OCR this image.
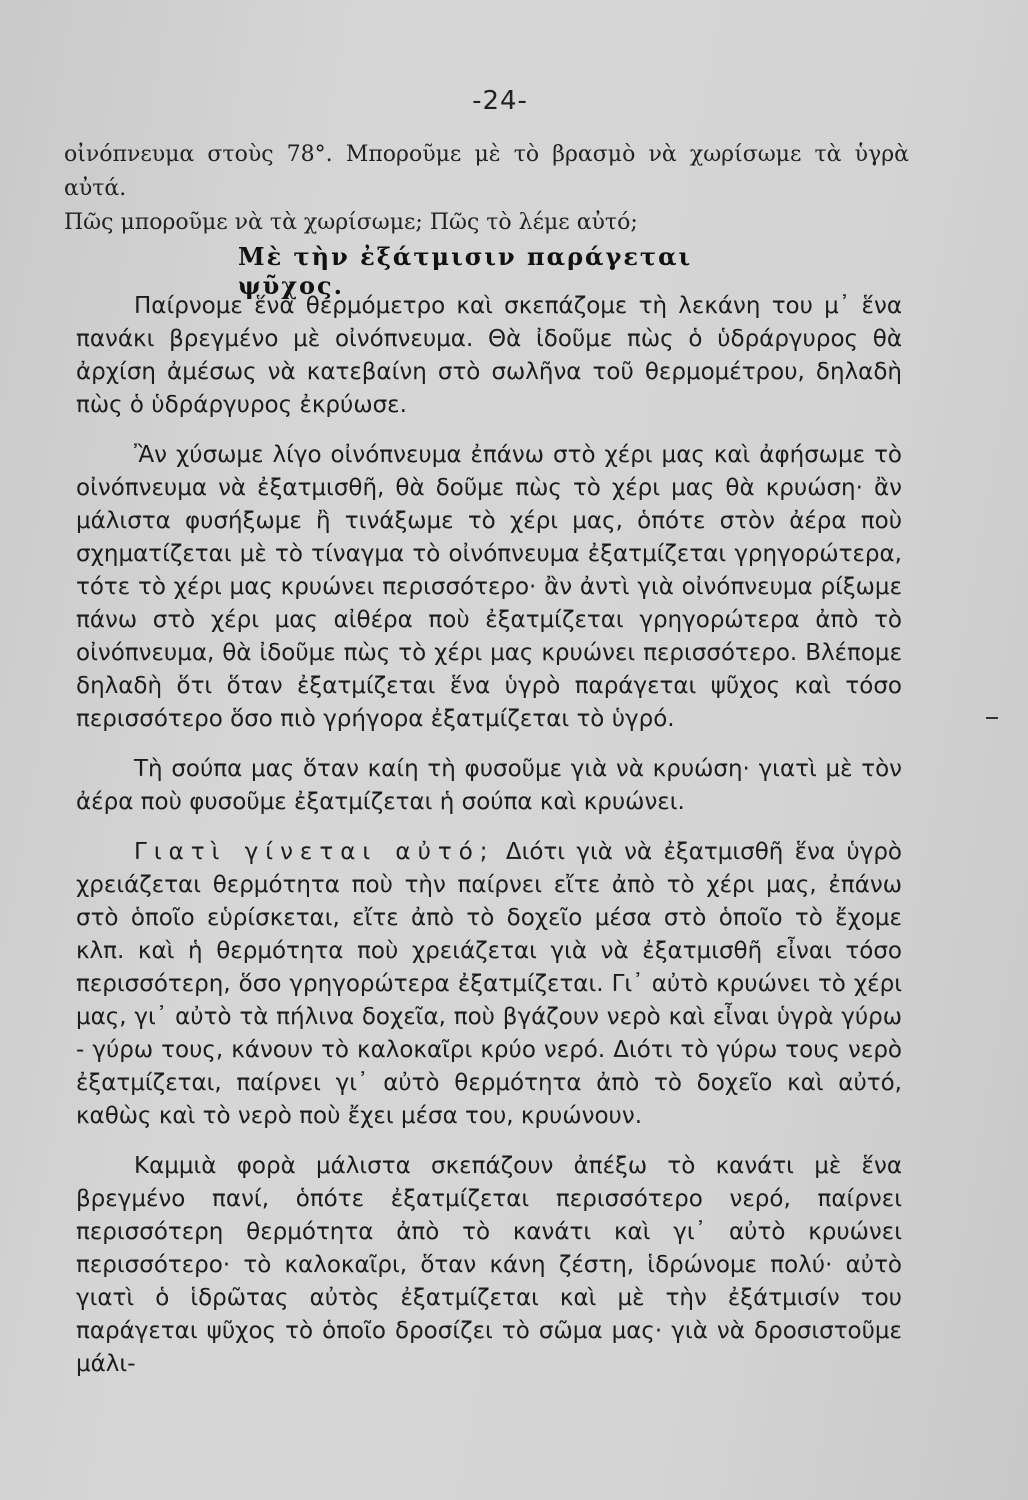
-24-

οἰνόπνευμα στοὺς 78°. Μποροῦμε μὲ τὸ βρασμὸ νὰ χωρίσωμε τὰ ὑγρὰ αὐτά.

Πῶς μποροῦμε νὰ τὰ χωρίσωμε; Πῶς τὸ λέμε αὐτό;

Μὲ τὴν ἐξάτμισιν παράγεται ψῦχος.

Παίρνομε ἕνα θερμόμετρο καὶ σκεπάζομε τὴ λεκάνη του μ᾽ ἕνα πανάκι βρεγμένο μὲ οἰνόπνευμα. Θὰ ἰδοῦμε πὼς ὁ ὑδράργυρος θὰ ἀρχίση ἀμέσως νὰ κατεβαίνη στὸ σωλῆνα τοῦ θερμομέτρου, δηλαδὴ πὼς ὁ ὑδράργυρος ἐκρύωσε.

Ἂν χύσωμε λίγο οἰνόπνευμα ἐπάνω στὸ χέρι μας καὶ ἀφήσωμε τὸ οἰνόπνευμα νὰ ἐξατμισθῆ, θὰ δοῦμε πὼς τὸ χέρι μας θὰ κρυώση· ἂν μάλιστα φυσήξωμε ἢ τινάξωμε τὸ χέρι μας, ὁπότε στὸν ἀέρα ποὺ σχηματίζεται μὲ τὸ τίναγμα τὸ οἰνόπνευμα ἐξατμίζεται γρηγορώτερα, τότε τὸ χέρι μας κρυώνει περισσότερο· ἂν ἀντὶ γιὰ οἰνόπνευμα ρίξωμε πάνω στὸ χέρι μας αἰθέρα ποὺ ἐξατμίζεται γρηγορώτερα ἀπὸ τὸ οἰνόπνευμα, θὰ ἰδοῦμε πὼς τὸ χέρι μας κρυώνει περισσότερο. Βλέπομε δηλαδὴ ὅτι ὅταν ἐξατμίζεται ἕνα ὑγρὸ παράγεται ψῦχος καὶ τόσο περισσότερο ὅσο πιὸ γρήγορα ἐξατμίζεται τὸ ὑγρό.

Τὴ σούπα μας ὅταν καίη τὴ φυσοῦμε γιὰ νὰ κρυώση· γιατὶ μὲ τὸν ἀέρα ποὺ φυσοῦμε ἐξατμίζεται ἡ σούπα καὶ κρυώνει.

Γιατὶ γίνεται αὐτό; Διότι γιὰ νὰ ἐξατμισθῆ ἕνα ὑγρὸ χρειάζεται θερμότητα ποὺ τὴν παίρνει εἴτε ἀπὸ τὸ χέρι μας, ἐπάνω στὸ ὁποῖο εὑρίσκεται, εἴτε ἀπὸ τὸ δοχεῖο μέσα στὸ ὁποῖο τὸ ἔχομε κλπ. καὶ ἡ θερμότητα ποὺ χρειάζεται γιὰ νὰ ἐξατμισθῆ εἶναι τόσο περισσότερη, ὅσο γρηγορώτερα ἐξατμίζεται. Γι᾽ αὐτὸ κρυώνει τὸ χέρι μας, γι᾽ αὐτὸ τὰ πήλινα δοχεῖα, ποὺ βγάζουν νερὸ καὶ εἶναι ὑγρὰ γύρω - γύρω τους, κάνουν τὸ καλοκαῖρι κρύο νερό. Διότι τὸ γύρω τους νερὸ ἐξατμίζεται, παίρνει γι᾽ αὐτὸ θερμότητα ἀπὸ τὸ δοχεῖο καὶ αὐτό, καθὼς καὶ τὸ νερὸ ποὺ ἔχει μέσα του, κρυώνουν.

Καμμιὰ φορὰ μάλιστα σκεπάζουν ἀπέξω τὸ κανάτι μὲ ἕνα βρεγμένο πανί, ὁπότε ἐξατμίζεται περισσότερο νερό, παίρνει περισσότερη θερμότητα ἀπὸ τὸ κανάτι καὶ γι᾽ αὐτὸ κρυώνει περισσότερο· τὸ καλοκαῖρι, ὅταν κάνη ζέστη, ἱδρώνομε πολύ· αὐτὸ γιατὶ ὁ ἱδρῶτας αὐτὸς ἐξατμίζεται καὶ μὲ τὴν ἐξάτμισίν του παράγεται ψῦχος τὸ ὁποῖο δροσίζει τὸ σῶμα μας· γιὰ νὰ δροσιστοῦμε μάλι-
